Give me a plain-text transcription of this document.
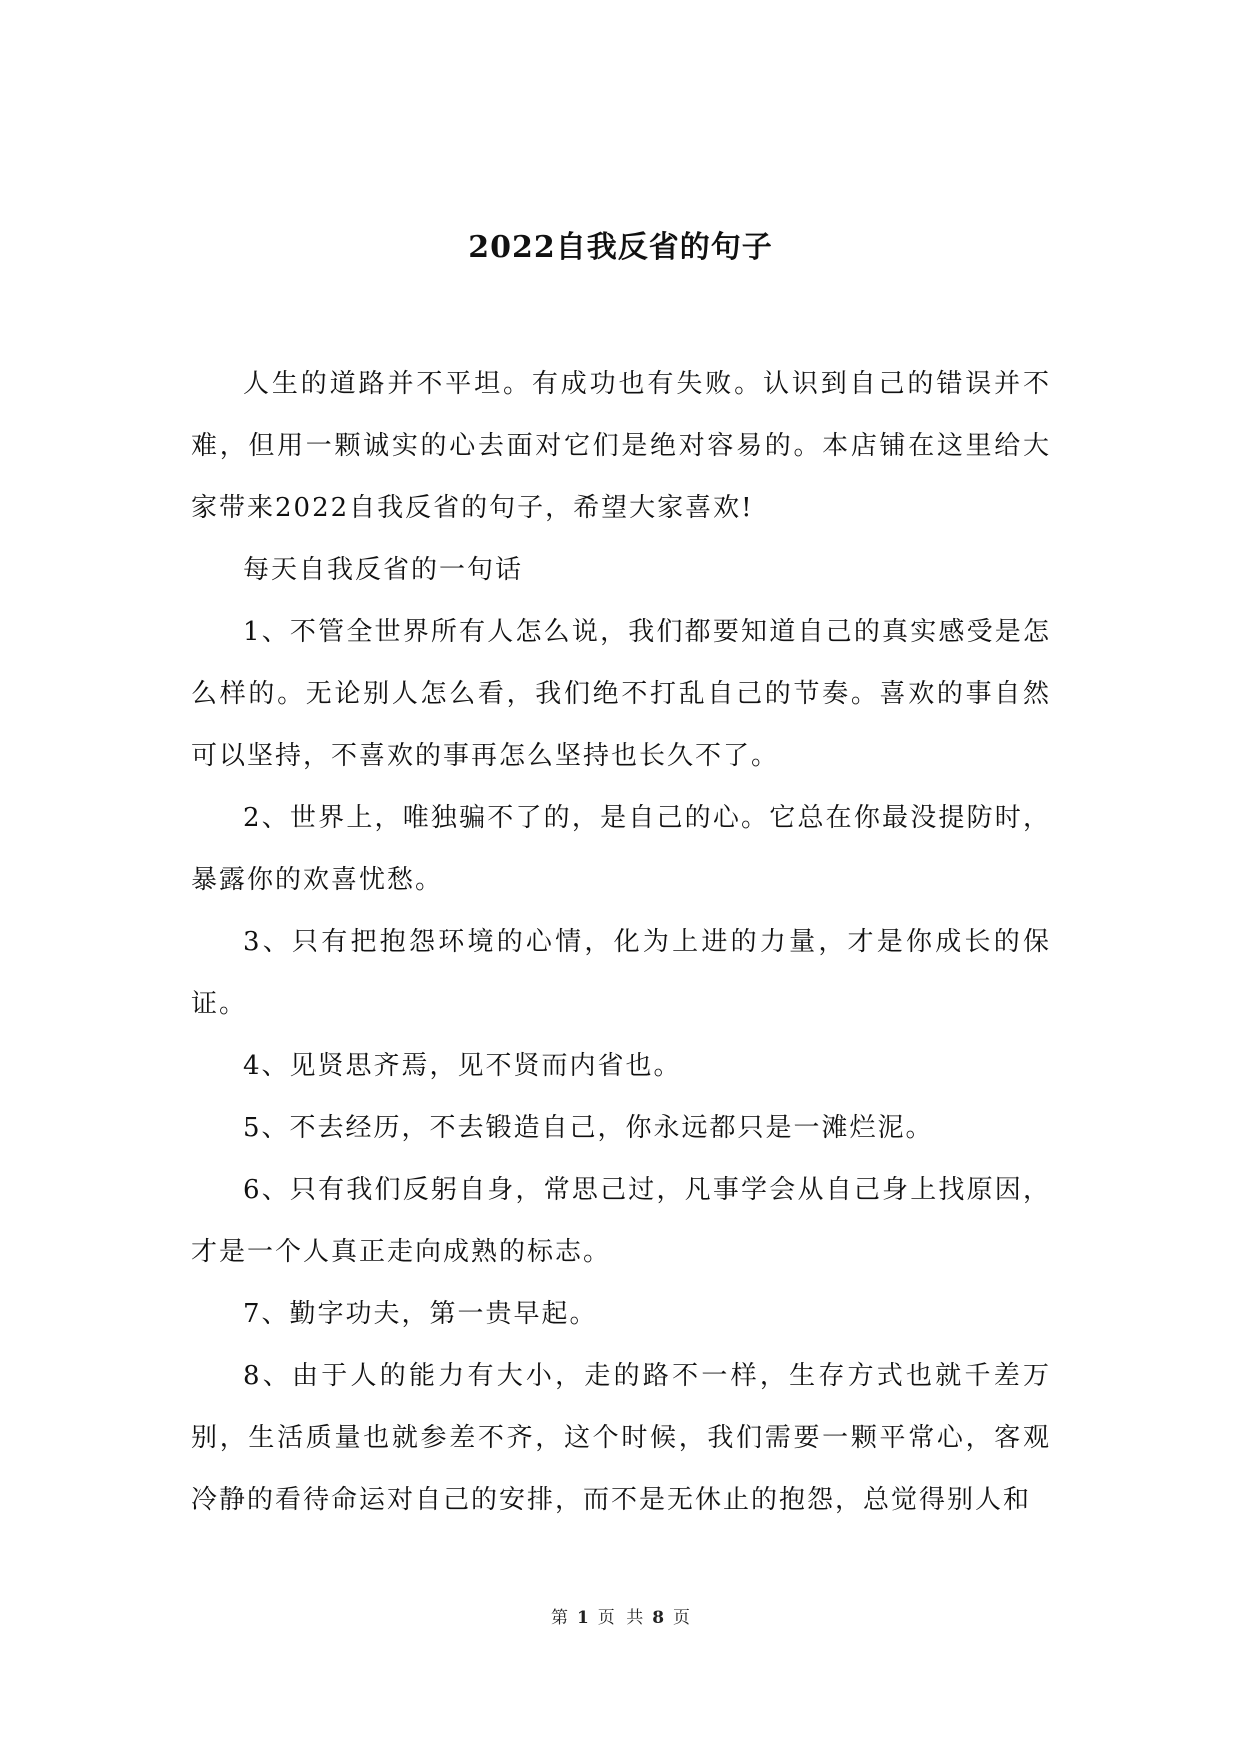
2022自我反省的句子

人生的道路并不平坦。有成功也有失败。认识到自己的错误并不难，但用一颗诚实的心去面对它们是绝对容易的。本店铺在这里给大家带来2022自我反省的句子，希望大家喜欢!

每天自我反省的一句话

1、不管全世界所有人怎么说，我们都要知道自己的真实感受是怎么样的。无论别人怎么看，我们绝不打乱自己的节奏。喜欢的事自然可以坚持，不喜欢的事再怎么坚持也长久不了。

2、世界上，唯独骗不了的，是自己的心。它总在你最没提防时，暴露你的欢喜忧愁。

3、只有把抱怨环境的心情，化为上进的力量，才是你成长的保证。

4、见贤思齐焉，见不贤而内省也。

5、不去经历，不去锻造自己，你永远都只是一滩烂泥。

6、只有我们反躬自身，常思己过，凡事学会从自己身上找原因，才是一个人真正走向成熟的标志。

7、勤字功夫，第一贵早起。

8、由于人的能力有大小，走的路不一样，生存方式也就千差万别，生活质量也就参差不齐，这个时候，我们需要一颗平常心，客观冷静的看待命运对自己的安排，而不是无休止的抱怨，总觉得别人和

第 1 页 共 8 页
